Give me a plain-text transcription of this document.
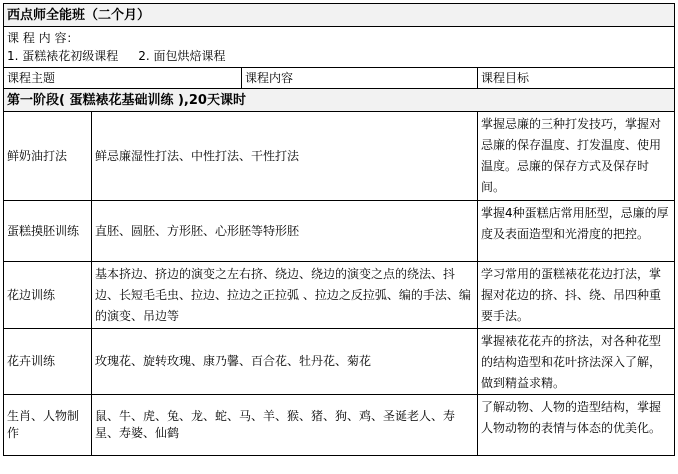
西点师全能班（二个月）			

课 程 内 容：
1. 蛋糕裱花初级课程 2. 面包烘焙课程			

课程主题		课程内容	课程目标
第一阶段( 蛋糕裱花基础训练 ),20天课时			
鲜奶油打法	鲜忌廉湿性打法、中性打法、干性打法		掌握忌廉的三种打发技巧，掌握对忌廉的保存温度、打发温度、使用温度。忌廉的保存方式及保存时间。
蛋糕摸胚训练	直胚、圆胚、方形胚、心形胚等特形胚		掌握4种蛋糕店常用胚型，忌廉的厚度及表面造型和光滑度的把控。
花边训练	基本挤边、挤边的演变之左右挤、绕边、绕边的演变之点的绕法、抖边、长短毛毛虫、拉边、拉边之正拉弧 、拉边之反拉弧、编的手法、编的演变、吊边等		学习常用的蛋糕裱花花边打法，掌握对花边的挤、抖、绕、吊四种重要手法。
花卉训练	玫瑰花、旋转玫瑰、康乃馨、百合花、牡丹花、菊花		掌握裱花花卉的挤法，对各种花型的结构造型和花叶挤法深入了解，做到精益求精。
生肖、人物制作	鼠、牛、虎、兔、龙、蛇、马、羊、猴、猪、狗、鸡、圣诞老人、寿星、寿婆、仙鹤		了解动物、人物的造型结构，掌握人物动物的表情与体态的优美化。
